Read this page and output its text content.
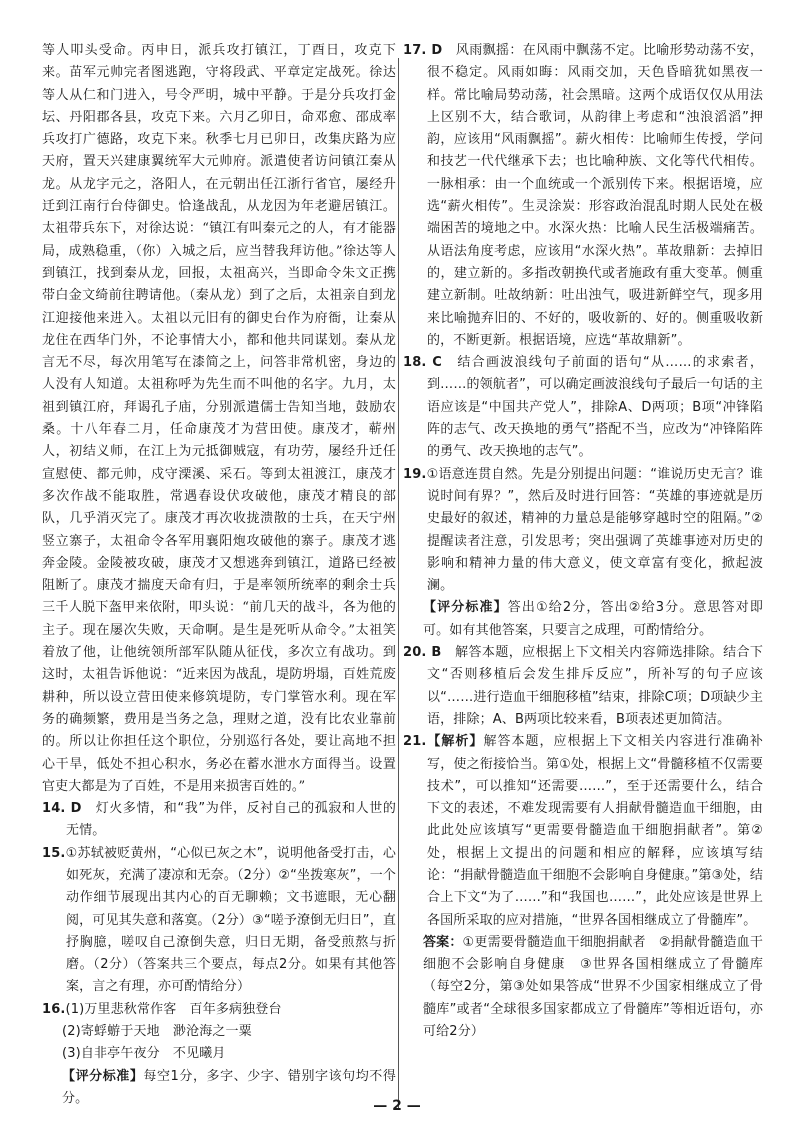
等人叩头受命。丙申日，派兵攻打镇江，丁酉日，攻克下来。苗军元帅完者图逃跑，守将段武、平章定定战死。徐达等人从仁和门进入，号令严明，城中平静。于是分兵攻打金坛、丹阳郡各县，攻克下来。六月乙卯日，命邓愈、邵成率兵攻打广德路，攻克下来。秋季七月已卯日，改集庆路为应天府，置天兴建康翼统军大元帅府。派遣使者访问镇江秦从龙。从龙字元之，洛阳人，在元朝出任江浙行省官，屡经升迁到江南行台侍御史。恰逢战乱，从龙因为年老避居镇江。太祖带兵东下，对徐达说：“镇江有叫秦元之的人，有才能器局，成熟稳重，（你）入城之后，应当替我拜访他。”徐达等人到镇江，找到秦从龙，回报，太祖高兴，当即命令朱文正携带白金文绮前往聘请他。（秦从龙）到了之后，太祖亲自到龙江迎接他来进入。太祖以元旧有的御史台作为府衙，让秦从龙住在西华门外，不论事情大小，都和他共同谋划。秦从龙言无不尽，每次用笔写在漆简之上，问答非常机密，身边的人没有人知道。太祖称呼为先生而不叫他的名字。九月，太祖到镇江府，拜谒孔子庙，分别派遣儒士告知当地，鼓励农桑。十八年春二月，任命康茂才为营田使。康茂才，蕲州人，初结义师，在江上为元抵御贼寇，有功劳，屡经升迁任宣慰使、都元帅，戍守溧溪、采石。等到太祖渡江，康茂才多次作战不能取胜，常遇春设伏攻破他，康茂才精良的部队，几乎消灭完了。康茂才再次收拢溃散的士兵，在天宁州竖立寨子，太祖命令各军用襄阳炮攻破他的寨子。康茂才逃奔金陵。金陵被攻破，康茂才又想逃奔到镇江，道路已经被阻断了。康茂才揣度天命有归，于是率领所统率的剩余士兵三千人脱下盔甲来依附，叩头说：“前几天的战斗，各为他的主子。现在屡次失败，天命啊。是生是死听从命令。”太祖笑着放了他，让他统领所部军队随从征伐，多次立有战功。到这时，太祖告诉他说：“近来因为战乱，堤防坍塌，百姓荒废耕种，所以设立营田使来修筑堤防，专门掌管水利。现在军务的确频繁，费用是当务之急，理财之道，没有比农业靠前的。所以让你担任这个职位，分别巡行各处，要让高地不担心干旱，低处不担心积水，务必在蓄水泄水方面得当。设置官吏大都是为了百姓，不是用来损害百姓的。”

14. D　 灯火多情，和“我”为伴，反衬自己的孤寂和人世的无情。

15.①苏轼被贬黄州，“心似已灰之木”，说明他备受打击，心如死灰，充满了凄凉和无奈。（2分）②“坐拨寒灰”，一个动作细节展现出其内心的百无聊赖；文书遮眼，无心翻阅，可见其失意和落寞。（2分）③“嗟予潦倒无归日”，直抒胸臆，嗟叹自己潦倒失意，归日无期，备受煎熬与折磨。（2分）（答案共三个要点，每点2分。如果有其他答案，言之有理，亦可酌情给分）

16.(1)万里悲秋常作客　百年多病独登台

(2)寄蜉蝣于天地　渺沧海之一粟

(3)自非亭午夜分　不见曦月

【评分标准】每空1分，多字、少字、错别字该句均不得分。

17. D　 风雨飘摇：在风雨中飘荡不定。比喻形势动荡不安，很不稳定。风雨如晦：风雨交加，天色昏暗犹如黑夜一样。常比喻局势动荡，社会黑暗。这两个成语仅仅从用法上区别不大，结合歌词，从韵律上考虑和“浊浪滔滔”押韵，应该用“风雨飘摇”。薪火相传：比喻师生传授，学问和技艺一代代继承下去；也比喻种族、文化等代代相传。一脉相承：由一个血统或一个派别传下来。根据语境，应选“薪火相传”。生灵涂炭：形容政治混乱时期人民处在极端困苦的境地之中。水深火热：比喻人民生活极端痛苦。从语法角度考虑，应该用“水深火热”。革故鼎新：去掉旧的，建立新的。多指改朝换代或者施政有重大变革。侧重建立新制。吐故纳新：吐出浊气，吸进新鲜空气，现多用来比喻抛弃旧的、不好的，吸收新的、好的。侧重吸收新的，不断更新。根据语境，应选“革故鼎新”。

18. C　 结合画波浪线句子前面的语句“从……的求索者，到……的领航者”，可以确定画波浪线句子最后一句话的主语应该是“中国共产党人”，排除A、D两项；B项“冲锋陷阵的志气、改天换地的勇气”搭配不当，应改为“冲锋陷阵的勇气、改天换地的志气”。

19.①语意连贯自然。先是分别提出问题：“谁说历史无言？谁说时间有界？”，然后及时进行回答：“英雄的事迹就是历史最好的叙述，精神的力量总是能够穿越时空的阻隔。”②提醒读者注意，引发思考；突出强调了英雄事迹对历史的影响和精神力量的伟大意义，使文章富有变化，掀起波澜。

【评分标准】答出①给2分，答出②给3分。意思答对即可。如有其他答案，只要言之成理，可酌情给分。

20. B　 解答本题，应根据上下文相关内容筛选排除。结合下文“否则移植后会发生排斥反应”，所补写的句子应该以“……进行造血干细胞移植”结束，排除C项；D项缺少主语，排除；A、B两项比较来看，B项表述更加简洁。

21.【解析】解答本题，应根据上下文相关内容进行准确补写，使之衔接恰当。第①处，根据上文“骨髓移植不仅需要技术”，可以推知“还需要……”，至于还需要什么，结合下文的表述，不难发现需要有人捐献骨髓造血干细胞，由此此处应该填写“更需要骨髓造血干细胞捐献者”。第②处，根据上文提出的问题和相应的解释，应该填写结论：“捐献骨髓造血干细胞不会影响自身健康。”第③处，结合上下文“为了……”和“我国也……”，此处应该是世界上各国所采取的应对措施，“世界各国相继成立了骨髓库”。

答案：①更需要骨髓造血干细胞捐献者　②捐献骨髓造血干细胞不会影响自身健康　③世界各国相继成立了骨髓库（每空2分，第③处如果答成“世界不少国家相继成立了骨髓库”或者“全球很多国家都成立了骨髓库”等相近语句，亦可给2分）

— 2 —
